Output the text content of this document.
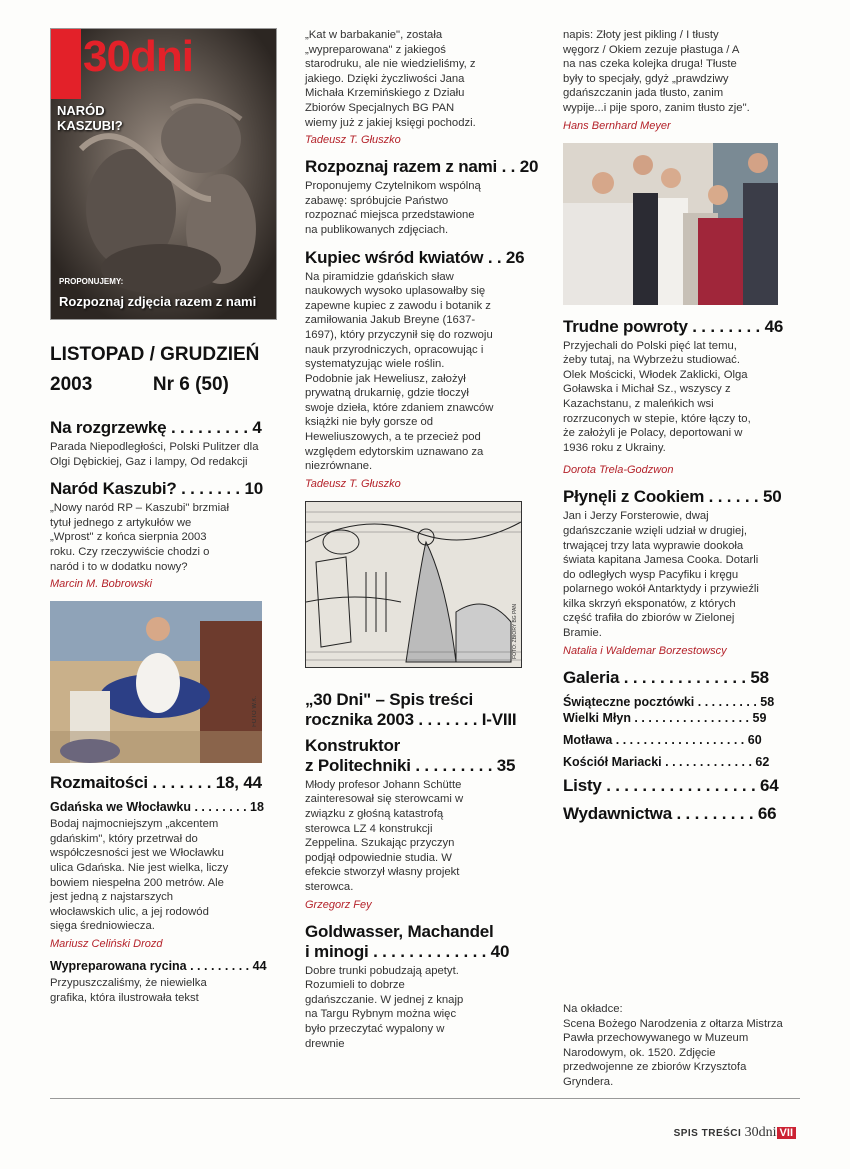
30dni
NARÓD KASZUBI?
PROPONUJEMY:
Rozpoznaj zdjęcia razem z nami
LISTOPAD / GRUDZIEŃ
2003	Nr 6 (50)
Na rozgrzewkę . . . . . . . . . 4
Parada Niepodległości, Polski Pulitzer dla Olgi Dębickiej, Gaz i lampy, Od redakcji
Naród Kaszubi? . . . . . . . 10
„Nowy naród RP – Kaszubi" brzmiał tytuł jednego z artykułów we „Wprost" z końca sierpnia 2003 roku. Czy rzeczywiście chodzi o naród i to w dodatku nowy?
Marcin M. Bobrowski
FOTO W.K.
Rozmaitości . . . . . . . 18, 44
Gdańska we Włocławku . . . . . . . . 18
Bodaj najmocniejszym „akcentem gdańskim", który przetrwał do współczesności jest we Włocławku ulica Gdańska. Nie jest wielka, liczy bowiem niespełna 200 metrów. Ale jest jedną z najstarszych włocławskich ulic, a jej rodowód sięga średniowiecza.
Mariusz Celiński Drozd
Wypreparowana rycina . . . . . . . . . 44
Przypuszczaliśmy, że niewielka grafika, która ilustrowała tekst
„Kat w barbakanie", została „wypreparowana" z jakiegoś starodruku, ale nie wiedzieliśmy, z jakiego. Dzięki życzliwości Jana Michała Krzemińskiego z Działu Zbiorów Specjalnych BG PAN wiemy już z jakiej księgi pochodzi.
Tadeusz T. Głuszko
Rozpoznaj razem z nami . . 20
Proponujemy Czytelnikom wspólną zabawę: spróbujcie Państwo rozpoznać miejsca przedstawione na publikowanych zdjęciach.
Kupiec wśród kwiatów . . 26
Na piramidzie gdańskich sław naukowych wysoko uplasowałby się zapewne kupiec z zawodu i botanik z zamiłowania Jakub Breyne (1637-1697), który przyczynił się do rozwoju nauk przyrodniczych, opracowując i systematyzując wiele roślin. Podobnie jak Heweliusz, założył prywatną drukarnię, gdzie tłoczył swoje dzieła, które zdaniem znawców książki nie były gorsze od Heweliuszowych, a te przecież pod względem edytorskim uznawano za niezrównane.
Tadeusz T. Głuszko
FOTO: ZBIORY BG PAN
„30 Dni" – Spis treści
rocznika 2003 . . . . . . . I-VIII
Konstruktor
z Politechniki . . . . . . . . . 35
Młody profesor Johann Schütte zainteresował się sterowcami w związku z głośną katastrofą sterowca LZ 4 konstrukcji Zeppelina. Szukając przyczyn podjął odpowiednie studia. W efekcie stworzył własny projekt sterowca.
Grzegorz Fey
Goldwasser, Machandel
i minogi . . . . . . . . . . . . . 40
Dobre trunki pobudzają apetyt. Rozumieli to dobrze gdańszczanie. W jednej z knajp na Targu Rybnym można więc było przeczytać wypalony w drewnie
napis: Złoty jest pikling / I tłusty węgorz / Okiem zezuje płastuga / A na nas czeka kolejka druga! Tłuste były to specjały, gdyż „prawdziwy gdańszczanin jada tłusto, zanim wypije...i pije sporo, zanim tłusto zje".
Hans Bernhard Meyer
Trudne powroty . . . . . . . . 46
Przyjechali do Polski pięć lat temu, żeby tutaj, na Wybrzeżu studiować. Olek Mościcki, Włodek Zaklicki, Olga Goławska i Michał Sz., wszyscy z Kazachstanu, z maleńkich wsi rozrzuconych w stepie, które łączy to, że założyli je Polacy, deportowani w 1936 roku z Ukrainy.
Dorota Trela-Godzwon
Płynęli z Cookiem . . . . . . 50
Jan i Jerzy Forsterowie, dwaj gdańszczanie wzięli udział w drugiej, trwającej trzy lata wyprawie dookoła świata kapitana Jamesa Cooka. Dotarli do odległych wysp Pacyfiku i kręgu polarnego wokół Antarktydy i przywieźli kilka skrzyń eksponatów, z których część trafiła do zbiorów w Zielonej Bramie.
Natalia i Waldemar Borzestowscy
Galeria . . . . . . . . . . . . . . 58
Świąteczne pocztówki . . . . . . . . . 58
Wielki Młyn . . . . . . . . . . . . . . . . . 59
Motława . . . . . . . . . . . . . . . . . . . 60
Kościół Mariacki . . . . . . . . . . . . . 62
Listy . . . . . . . . . . . . . . . . . 64
Wydawnictwa . . . . . . . . . 66
Na okładce:
Scena Bożego Narodzenia z ołtarza Mistrza Pawła przechowywanego w Muzeum Narodowym, ok. 1520. Zdjęcie przedwojenne ze zbiorów Krzysztofa Gryndera.
SPIS TREŚCI 30dni VII
